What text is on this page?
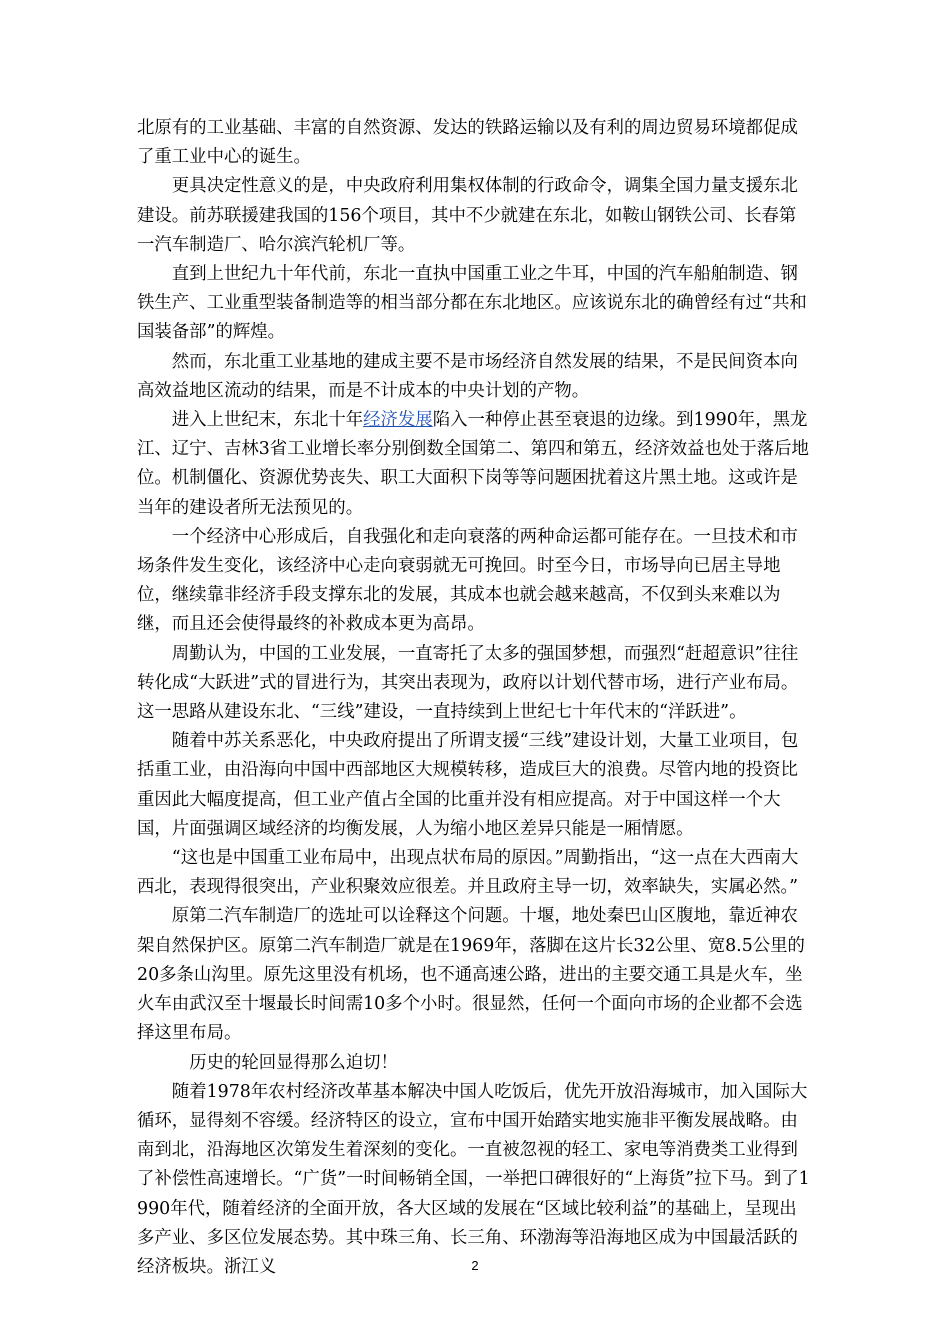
北原有的工业基础、丰富的自然资源、发达的铁路运输以及有利的周边贸易环境都促成了重工业中心的诞生。

更具决定性意义的是，中央政府利用集权体制的行政命令，调集全国力量支援东北建设。前苏联援建我国的156个项目，其中不少就建在东北，如鞍山钢铁公司、长春第一汽车制造厂、哈尔滨汽轮机厂等。

直到上世纪九十年代前，东北一直执中国重工业之牛耳，中国的汽车船舶制造、钢铁生产、工业重型装备制造等的相当部分都在东北地区。应该说东北的确曾经有过“共和国装备部”的辉煌。

然而，东北重工业基地的建成主要不是市场经济自然发展的结果，不是民间资本向高效益地区流动的结果，而是不计成本的中央计划的产物。

进入上世纪末，东北十年经济发展陷入一种停止甚至衰退的边缘。到1990年，黑龙江、辽宁、吉林3省工业增长率分别倒数全国第二、第四和第五，经济效益也处于落后地位。机制僵化、资源优势丧失、职工大面积下岗等等问题困扰着这片黑土地。这或许是当年的建设者所无法预见的。

一个经济中心形成后，自我强化和走向衰落的两种命运都可能存在。一旦技术和市场条件发生变化，该经济中心走向衰弱就无可挽回。时至今日，市场导向已居主导地位，继续靠非经济手段支撑东北的发展，其成本也就会越来越高，不仅到头来难以为继，而且还会使得最终的补救成本更为高昂。

周勤认为，中国的工业发展，一直寄托了太多的强国梦想，而强烈“赶超意识”往往转化成“大跃进”式的冒进行为，其突出表现为，政府以计划代替市场，进行产业布局。这一思路从建设东北、“三线”建设，一直持续到上世纪七十年代末的“洋跃进”。

随着中苏关系恶化，中央政府提出了所谓支援“三线”建设计划，大量工业项目，包括重工业，由沿海向中国中西部地区大规模转移，造成巨大的浪费。尽管内地的投资比重因此大幅度提高，但工业产值占全国的比重并没有相应提高。对于中国这样一个大国，片面强调区域经济的均衡发展，人为缩小地区差异只能是一厢情愿。

“这也是中国重工业布局中，出现点状布局的原因。”周勤指出，“这一点在大西南大西北，表现得很突出，产业积聚效应很差。并且政府主导一切，效率缺失，实属必然。”

原第二汽车制造厂的选址可以诠释这个问题。十堰，地处秦巴山区腹地，靠近神农架自然保护区。原第二汽车制造厂就是在1969年，落脚在这片长32公里、宽8.5公里的20多条山沟里。原先这里没有机场，也不通高速公路，进出的主要交通工具是火车，坐火车由武汉至十堰最长时间需10多个小时。很显然，任何一个面向市场的企业都不会选择这里布局。

历史的轮回显得那么迫切！

随着1978年农村经济改革基本解决中国人吃饭后，优先开放沿海城市，加入国际大循环，显得刻不容缓。经济特区的设立，宣布中国开始踏实地实施非平衡发展战略。由南到北，沿海地区次第发生着深刻的变化。一直被忽视的轻工、家电等消费类工业得到了补偿性高速增长。“广货”一时间畅销全国，一举把口碑很好的“上海货”拉下马。到了1990年代，随着经济的全面开放，各大区域的发展在“区域比较利益”的基础上，呈现出多产业、多区位发展态势。其中珠三角、长三角、环渤海等沿海地区成为中国最活跃的经济板块。浙江义	2
